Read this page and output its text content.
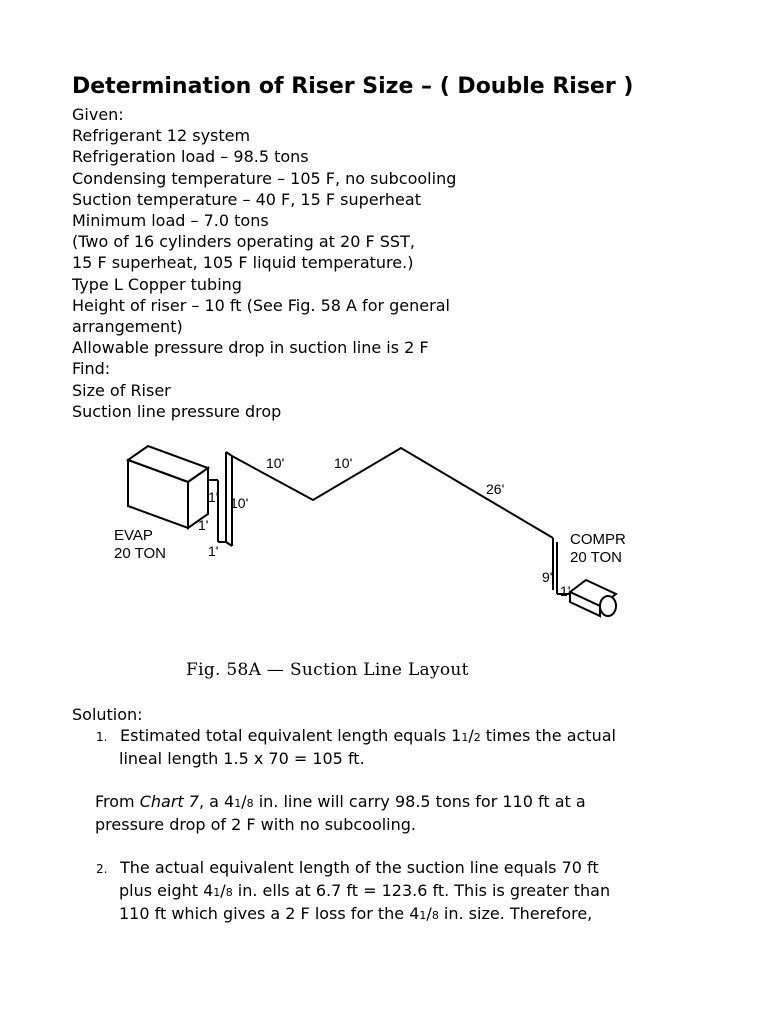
Determination of Riser Size – ( Double Riser )

Given:

Refrigerant 12 system

Refrigeration load – 98.5 tons

Condensing temperature – 105 F, no subcooling

Suction temperature – 40 F, 15 F superheat

Minimum load – 7.0 tons

(Two of 16 cylinders operating at 20 F SST,

15 F superheat, 105 F liquid temperature.)

Type L Copper tubing

Height of riser – 10 ft (See Fig. 58 A for general

arrangement)

Allowable pressure drop in suction line is 2 F

Find:

Size of Riser

Suction line pressure drop

10'	10'
26'
10'
1'
1'
1'
EVAP
20 TON
COMPR
20 TON
9'
1'
Fig. 58A — Suction Line Layout
Solution:
1. Estimated total equivalent length equals 11/2 times the actual
lineal length 1.5 x 70 = 105 ft.
From Chart 7, a 41/8 in. line will carry 98.5 tons for 110 ft at a
pressure drop of 2 F with no subcooling.
2. The actual equivalent length of the suction line equals 70 ft
plus eight 41/8 in. ells at 6.7 ft = 123.6 ft. This is greater than
110 ft which gives a 2 F loss for the 41/8 in. size. Therefore,
